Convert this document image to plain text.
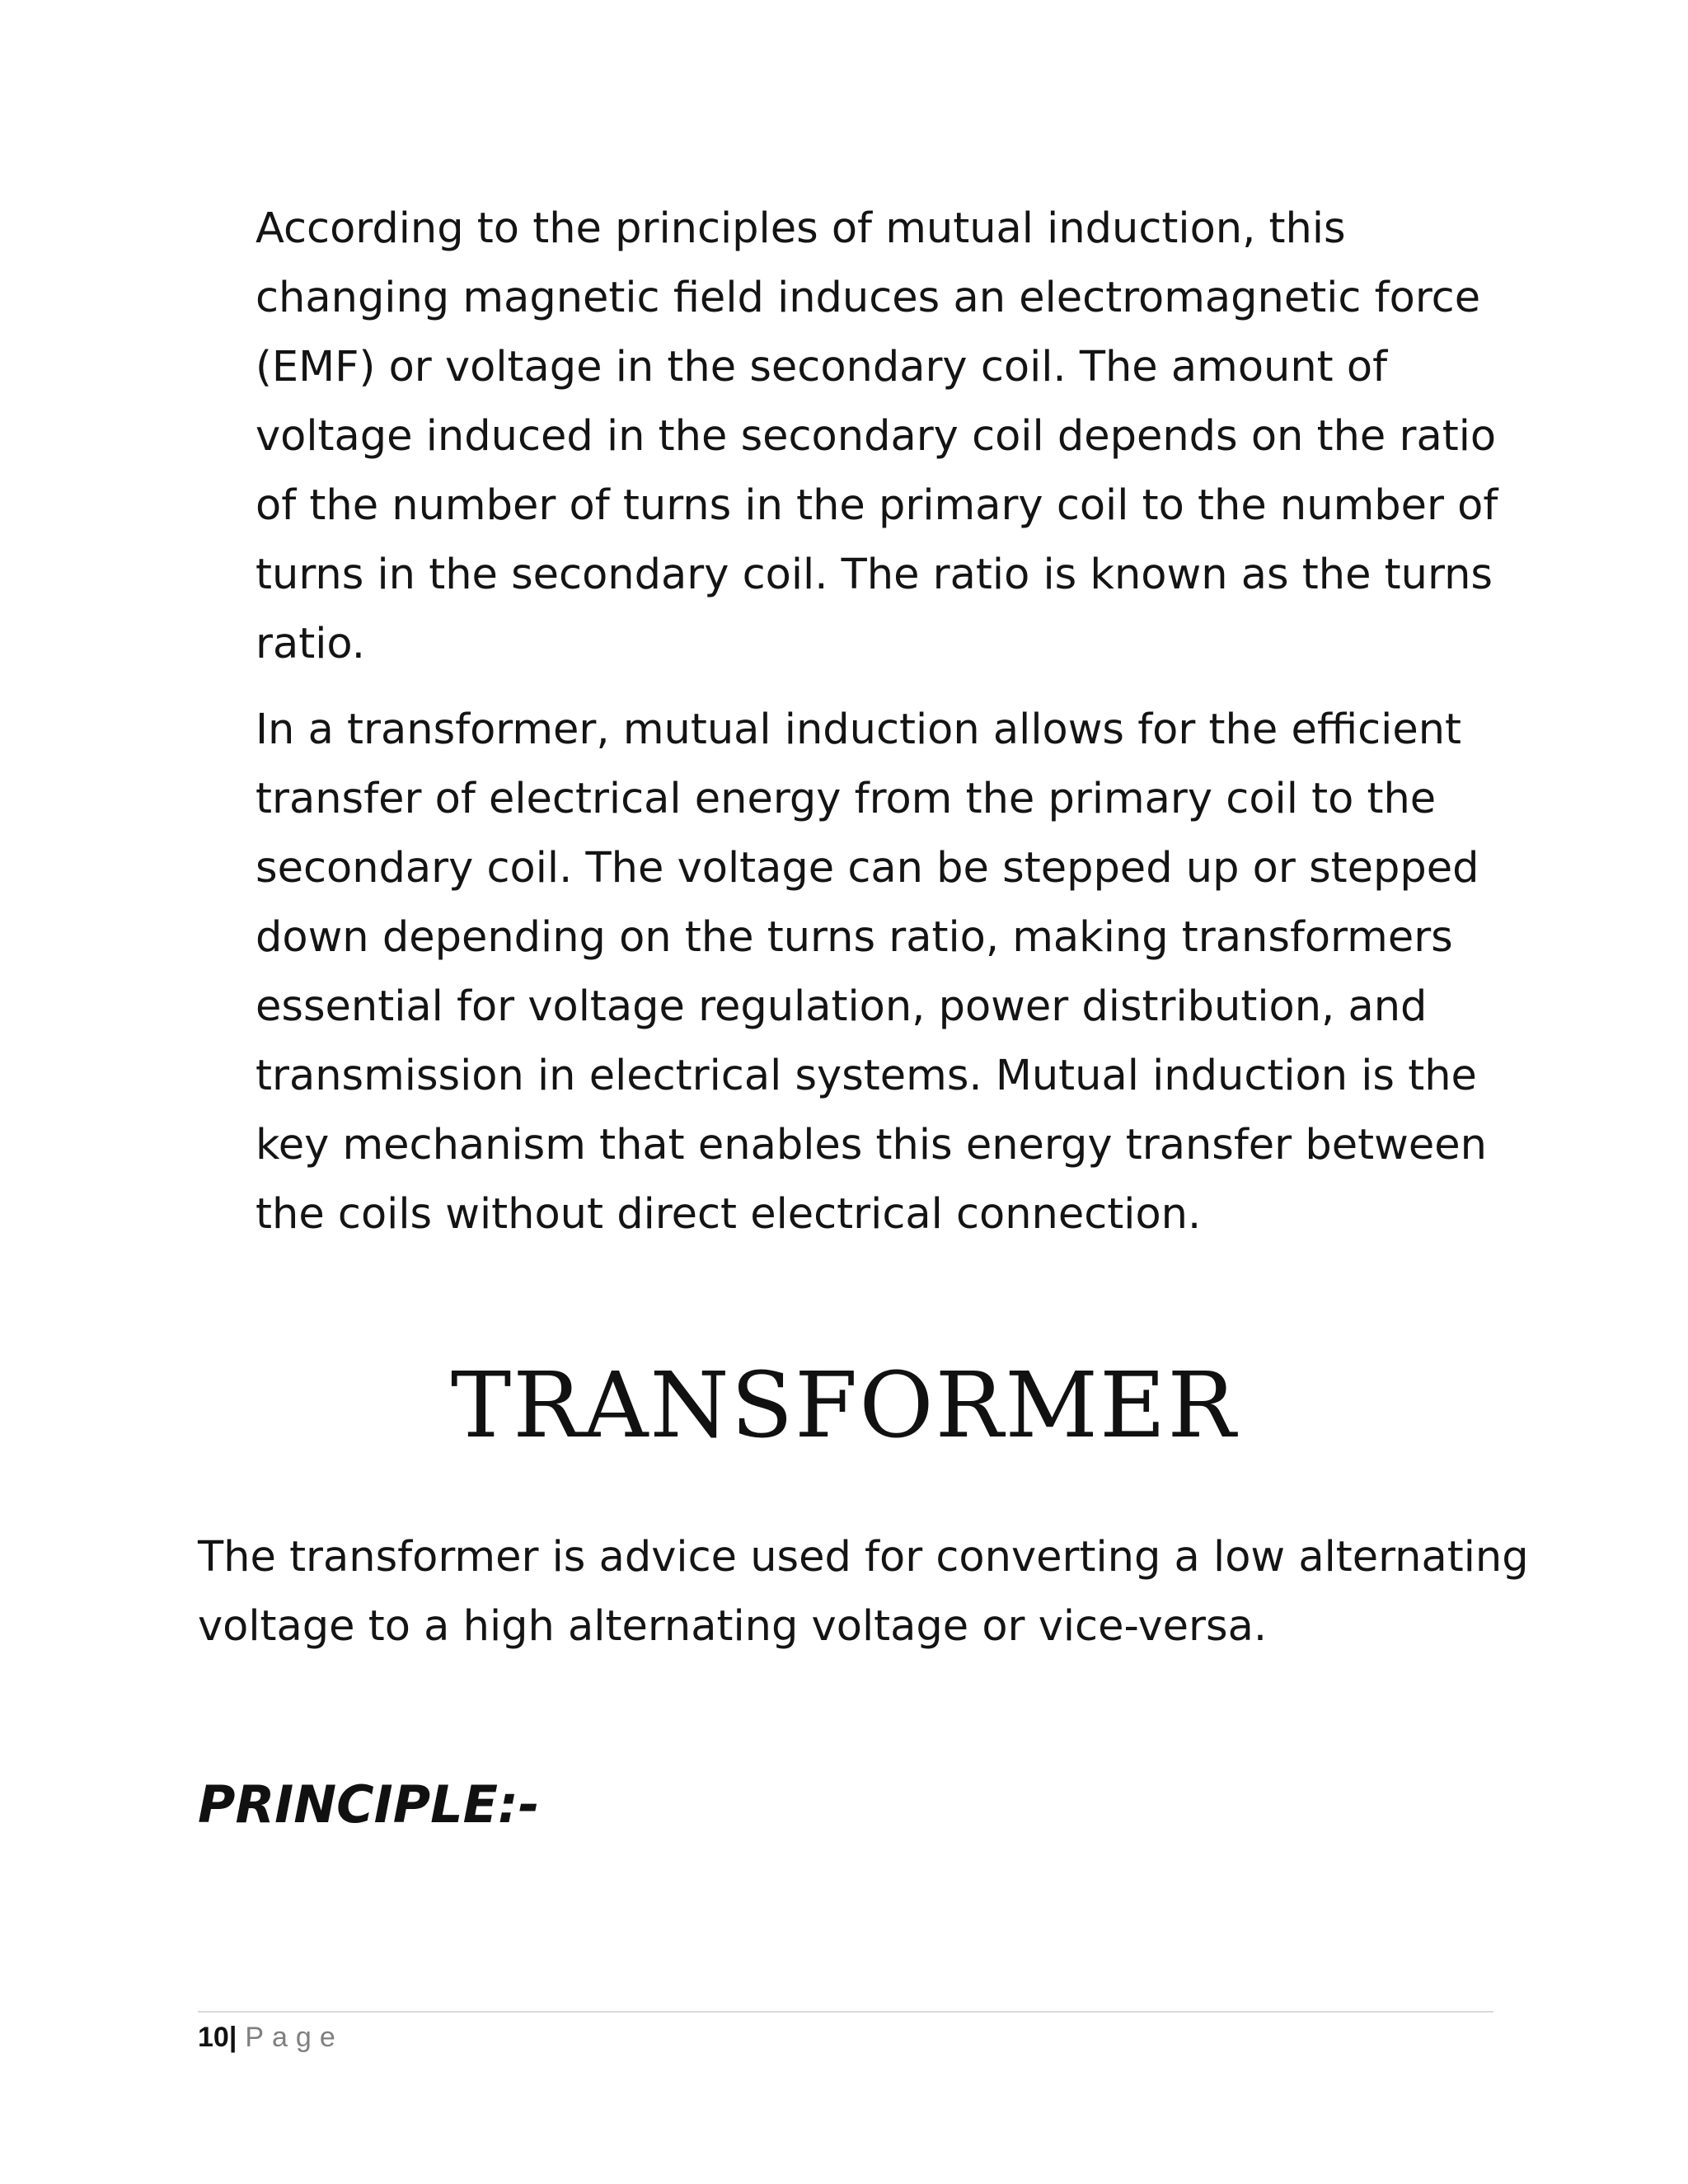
According to the principles of mutual induction, this changing magnetic field induces an electromagnetic force (EMF) or voltage in the secondary coil. The amount of voltage induced in the secondary coil depends on the ratio of the number of turns in the primary coil to the number of turns in the secondary coil. The ratio is known as the turns ratio.

In a transformer, mutual induction allows for the efficient transfer of electrical energy from the primary coil to the secondary coil. The voltage can be stepped up or stepped down depending on the turns ratio, making transformers essential for voltage regulation, power distribution, and transmission in electrical systems. Mutual induction is the key mechanism that enables this energy transfer between the coils without direct electrical connection.

TRANSFORMER

The transformer is advice used for converting a low alternating voltage to a high alternating voltage or vice-versa.

PRINCIPLE:-
10| Page
